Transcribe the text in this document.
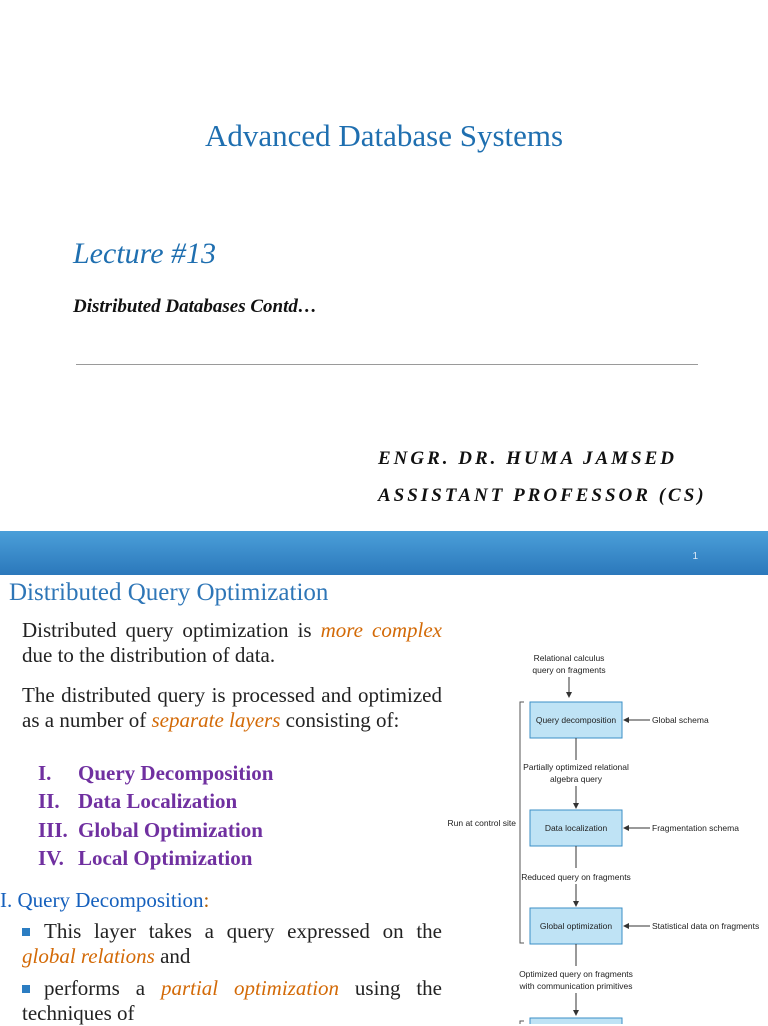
Advanced Database Systems
Lecture #13
Distributed Databases Contd…
ENGR. DR. HUMA JAMSED
ASSISTANT PROFESSOR (CS)
1
Distributed Query Optimization
Distributed query optimization is more complex due to the distribution of data.
The distributed query is processed and optimized as a number of separate layers consisting of:
I. Query Decomposition
II. Data Localization
III. Global Optimization
IV. Local Optimization
I. Query Decomposition:
This layer takes a query expressed on the global relations and
performs a partial optimization using the techniques of
Relational calculus
query on fragments
Run at control site
Query decomposition	Global schema
Partially optimized relational
algebra query
Data localization	Fragmentation schema
Reduced query on fragments
Global optimization	Statistical data on fragments
Optimized query on fragments
with communication primitives
